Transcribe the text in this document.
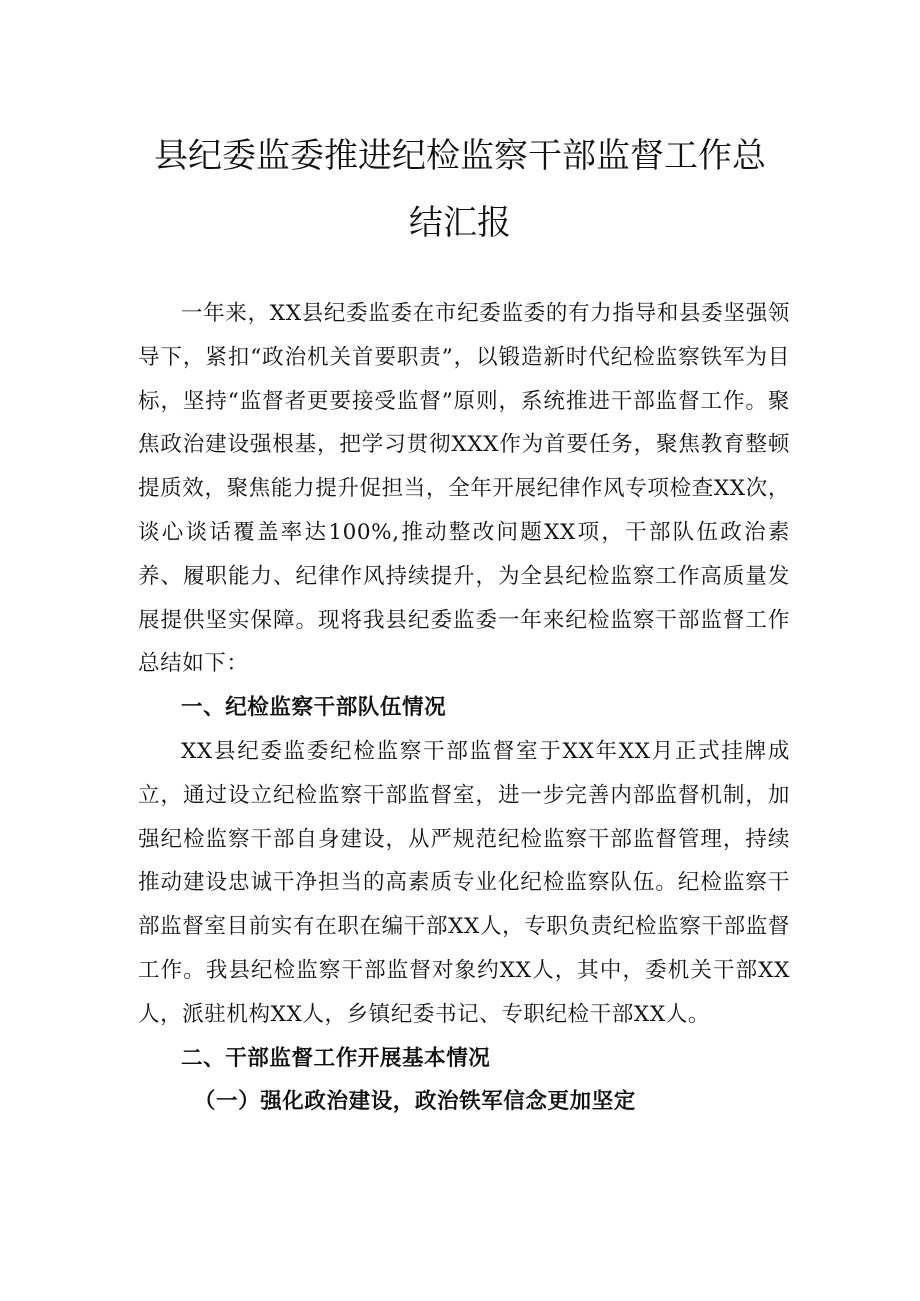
县纪委监委推进纪检监察干部监督工作总
结汇报

一年来，XX县纪委监委在市纪委监委的有力指导和县委坚强领导下，紧扣“政治机关首要职责”，以锻造新时代纪检监察铁军为目标，坚持“监督者更要接受监督”原则，系统推进干部监督工作。聚焦政治建设强根基，把学习贯彻XXX作为首要任务，聚焦教育整顿提质效，聚焦能力提升促担当，全年开展纪律作风专项检查XX次，谈心谈话覆盖率达100%,推动整改问题XX项，干部队伍政治素养、履职能力、纪律作风持续提升，为全县纪检监察工作高质量发展提供坚实保障。现将我县纪委监委一年来纪检监察干部监督工作总结如下：

一、纪检监察干部队伍情况

XX县纪委监委纪检监察干部监督室于XX年XX月正式挂牌成立，通过设立纪检监察干部监督室，进一步完善内部监督机制，加强纪检监察干部自身建设，从严规范纪检监察干部监督管理，持续推动建设忠诚干净担当的高素质专业化纪检监察队伍。纪检监察干部监督室目前实有在职在编干部XX人，专职负责纪检监察干部监督工作。我县纪检监察干部监督对象约XX人，其中，委机关干部XX人，派驻机构XX人，乡镇纪委书记、专职纪检干部XX人。

二、干部监督工作开展基本情况

（一）强化政治建设，政治铁军信念更加坚定
